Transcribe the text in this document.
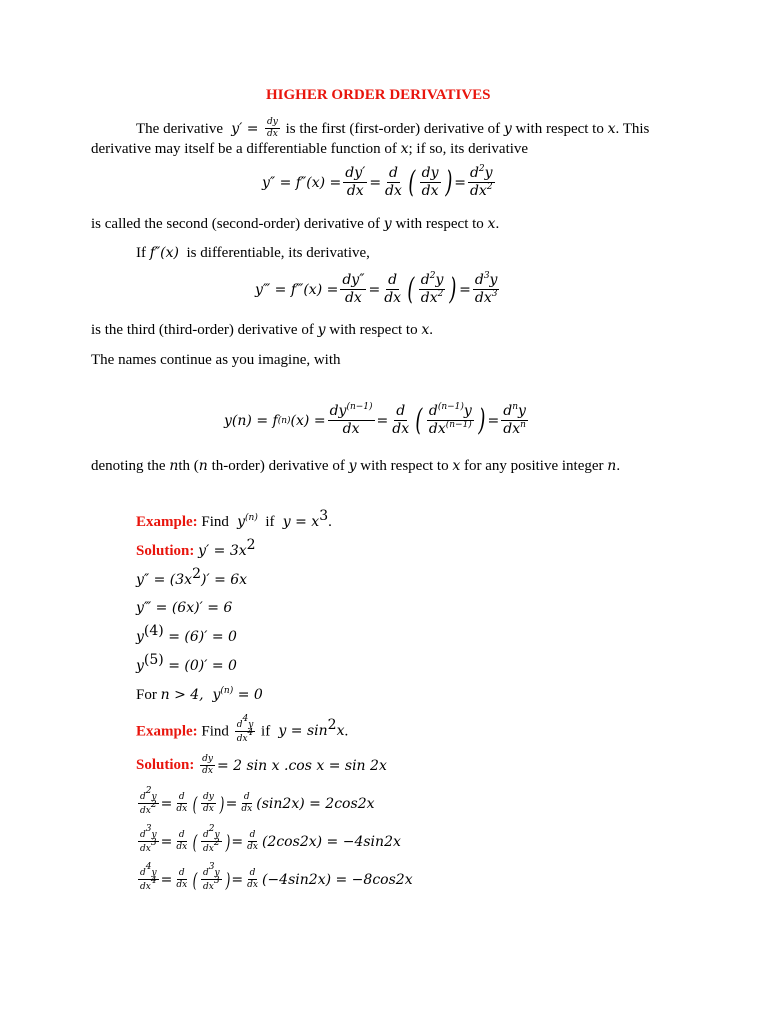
HIGHER ORDER DERIVATIVES
The derivative  y ′
=
$\frac{dy}{dx}$ is the first (first-order) derivative of y with respect to x. This
derivative may itself be a differentiable function of x; if so, its derivative
y ″
= f ″ ( x )
= $\frac{dy'}{dx} = \frac{d}{dx}$ ( $\frac{dy}{dx}$ ) = $\frac{d^2y}{dx^2}$
is called the second (second-order) derivative of y with respect to x.
If f″(x) is differentiable, its derivative,
y ‴
= f ‴ ( x )
= $\frac{dy''}{dx} = \frac{d}{dx}$ ( $\frac{d^2y}{dx^2}$ ) = $\frac{d^3y}{dx^3}$
is the third (third-order) derivative of y with respect to x.
The names continue as you imagine, with
y (n)
= f (n) ( x )
= $\frac{dy^{(n-1)}}{dx} = \frac{d}{dx}$ ( $\frac{d^{(n-1)}y}{dx^{(n-1)}}$ ) = $\frac{d^ny}{dx^n}$
denoting the nth (n th-order) derivative of y with respect to x for any positive integer n.
Example: Find  $y^{(n)}$ if  $y = x^3$.
Solution: $y' = 3x^2$
$y'' = (3x^2)' = 6x$
y‴ = (6x)′ = 6
$y^{(4)} = (6)' = 0$
$y^{(5)} = (0)' = 0$
For n > 4,  $y^{(n)} = 0$
Example: Find $\frac{d^4y}{dx^4}$ if  $y = \sin^2x$.
Solution:
$\frac{dy}{dx} = 2$ sin x .cos x = sin 2x
$\frac{d^2y}{dx^2} = \frac{d}{dx}$ ( $\frac{dy}{dx}$ ) = $\frac{d}{dx}$ ( sin 2 x ) = 2 cos 2 x
$\frac{d^3y}{dx^3} = \frac{d}{dx}$ ( $\frac{d^2y}{dx^2}$ ) = $\frac{d}{dx} (2$ cos 2 x ) = −4 sin 2 x
$\frac{d^4y}{dx^4} = \frac{d}{dx}$ ( $\frac{d^3y}{dx^3}$ ) = $\frac{d}{dx} (-4$ sin 2 x ) = −8 cos 2 x
